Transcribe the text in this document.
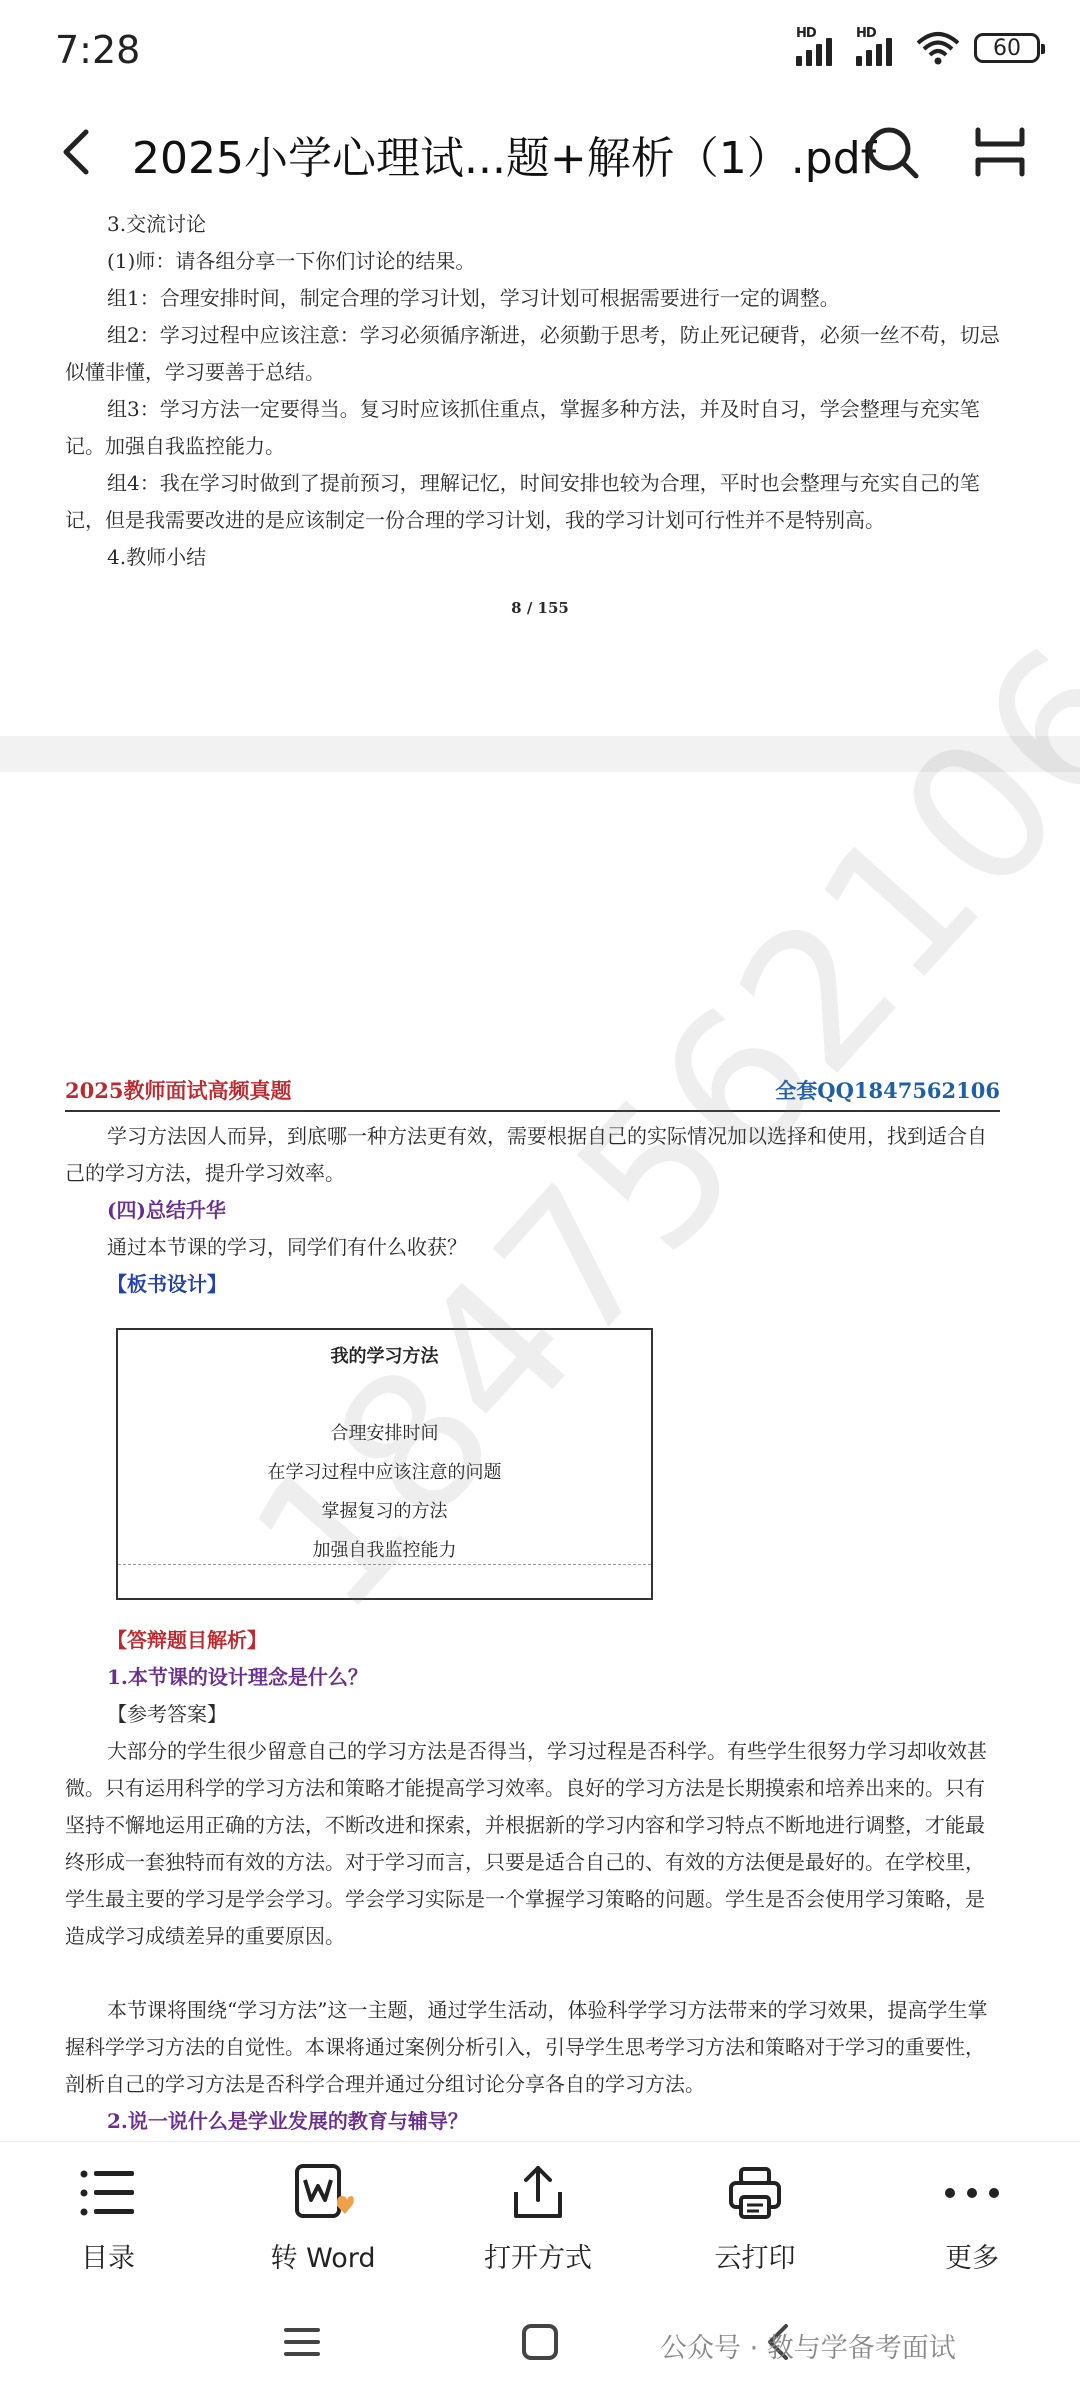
7:28	HD	HD
60
2025小学心理试...题+解析（1）.pdf

3.交流讨论

(1)师：请各组分享一下你们讨论的结果。

组1：合理安排时间，制定合理的学习计划，学习计划可根据需要进行一定的调整。

组2：学习过程中应该注意：学习必须循序渐进，必须勤于思考，防止死记硬背，必须一丝不苟，切忌似懂非懂，学习要善于总结。

组3：学习方法一定要得当。复习时应该抓住重点，掌握多种方法，并及时自习，学会整理与充实笔记。加强自我监控能力。

组4：我在学习时做到了提前预习，理解记忆，时间安排也较为合理，平时也会整理与充实自己的笔记，但是我需要改进的是应该制定一份合理的学习计划，我的学习计划可行性并不是特别高。

4.教师小结

8 / 155
2025教师面试高频真题	全套QQ1847562106

学习方法因人而异，到底哪一种方法更有效，需要根据自己的实际情况加以选择和使用，找到适合自己的学习方法，提升学习效率。

(四)总结升华

通过本节课的学习，同学们有什么收获？

【板书设计】

我的学习方法
合理安排时间
在学习过程中应该注意的问题
掌握复习的方法
加强自我监控能力

【答辩题目解析】

1.本节课的设计理念是什么？

【参考答案】

大部分的学生很少留意自己的学习方法是否得当，学习过程是否科学。有些学生很努力学习却收效甚微。只有运用科学的学习方法和策略才能提高学习效率。良好的学习方法是长期摸索和培养出来的。只有坚持不懈地运用正确的方法，不断改进和探索，并根据新的学习内容和学习特点不断地进行调整，才能最终形成一套独特而有效的方法。对于学习而言，只要是适合自己的、有效的方法便是最好的。在学校里，学生最主要的学习是学会学习。学会学习实际是一个掌握学习策略的问题。学生是否会使用学习策略，是造成学习成绩差异的重要原因。

本节课将围绕“学习方法”这一主题，通过学生活动，体验科学学习方法带来的学习效果，提高学生掌握科学学习方法的自觉性。本课将通过案例分析引入，引导学生思考学习方法和策略对于学习的重要性，剖析自己的学习方法是否科学合理并通过分组讨论分享各自的学习方法。

2.说一说什么是学业发展的教育与辅导？

目录	转 Word	打开方式	云打印	更多
公众号 · 教与学备考面试
